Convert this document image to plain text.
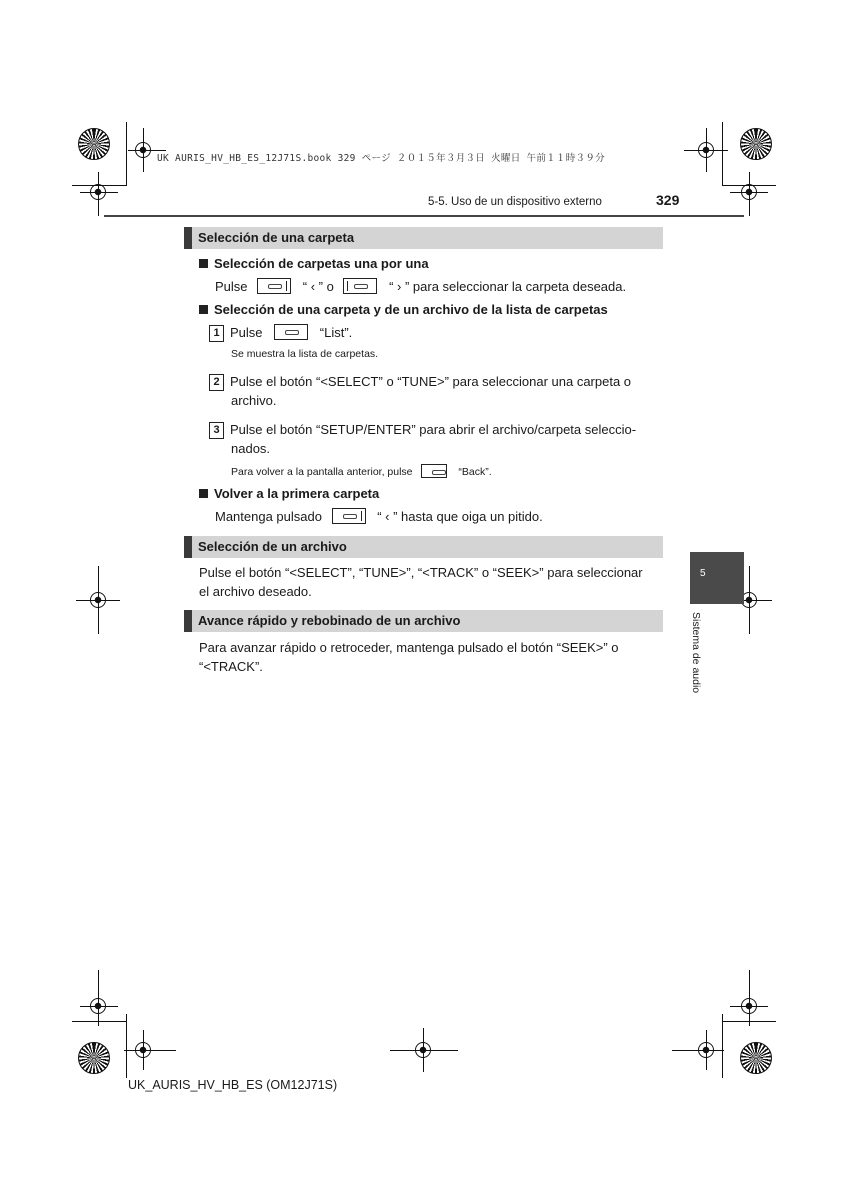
UK AURIS_HV_HB_ES_12J71S.book 329 ページ ２０１５年３月３日 火曜日 午前１１時３９分
5-5. Uso de un dispositivo externo	329
Selección de una carpeta
Selección de carpetas una por una
Pulse	“ ‹ ” o	“ › ” para seleccionar la carpeta deseada.
Selección de una carpeta y de un archivo de la lista de carpetas
1 Pulse	“List”.
Se muestra la lista de carpetas.
2 Pulse el botón “<SELECT” o “TUNE>” para seleccionar una carpeta o
archivo.
3 Pulse el botón “SETUP/ENTER” para abrir el archivo/carpeta seleccio-
nados.
Para volver a la pantalla anterior, pulse	“Back”.
Volver a la primera carpeta
Mantenga pulsado	“ ‹ ” hasta que oiga un pitido.
Selección de un archivo
Pulse el botón “<SELECT”, “TUNE>”, “<TRACK” o “SEEK>” para seleccionar
el archivo deseado.
Avance rápido y rebobinado de un archivo
Para avanzar rápido o retroceder, mantenga pulsado el botón “SEEK>” o
“<TRACK”.
5
Sistema de audio
UK_AURIS_HV_HB_ES (OM12J71S)
